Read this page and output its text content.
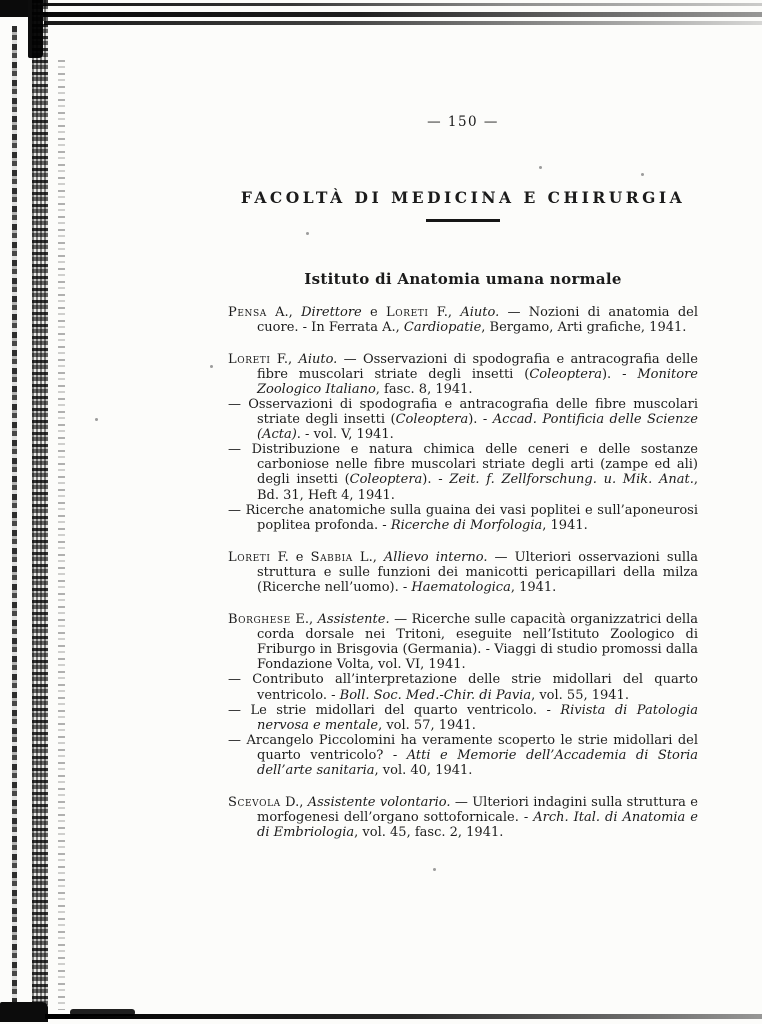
— 150 —
FACOLTÀ DI MEDICINA E CHIRURGIA
Istituto di Anatomia umana normale

Pensa A., Direttore e Loreti F., Aiuto. — Nozioni di anatomia del cuore. - In Ferrata A., Cardiopatie, Bergamo, Arti grafiche, 1941.

Loreti F., Aiuto. — Osservazioni di spodografia e antracografia delle fibre muscolari striate degli insetti (Coleoptera). - Monitore Zoologico Italiano, fasc. 8, 1941.

— Osservazioni di spodografia e antracografia delle fibre muscolari striate degli insetti (Coleoptera). - Accad. Pontificia delle Scienze (Acta). - vol. V, 1941.

— Distribuzione e natura chimica delle ceneri e delle sostanze carboniose nelle fibre muscolari striate degli arti (zampe ed ali) degli insetti (Coleoptera). - Zeit. f. Zellforschung. u. Mik. Anat., Bd. 31, Heft 4, 1941.

— Ricerche anatomiche sulla guaina dei vasi poplitei e sull’aponeurosi poplitea profonda. - Ricerche di Morfologia, 1941.

Loreti F. e Sabbia L., Allievo interno. — Ulteriori osservazioni sulla struttura e sulle funzioni dei manicotti pericapillari della milza (Ricerche nell’uomo). - Haematologica, 1941.

Borghese E., Assistente. — Ricerche sulle capacità organizzatrici della corda dorsale nei Tritoni, eseguite nell’Istituto Zoologico di Friburgo in Brisgovia (Germania). - Viaggi di studio promossi dalla Fondazione Volta, vol. VI, 1941.

— Contributo all’interpretazione delle strie midollari del quarto ventricolo. - Boll. Soc. Med.-Chir. di Pavia, vol. 55, 1941.

— Le strie midollari del quarto ventricolo. - Rivista di Patologia nervosa e mentale, vol. 57, 1941.

— Arcangelo Piccolomini ha veramente scoperto le strie midollari del quarto ventricolo? - Atti e Memorie dell’Accademia di Storia dell’arte sanitaria, vol. 40, 1941.

Scevola D., Assistente volontario. — Ulteriori indagini sulla struttura e morfogenesi dell’organo sottofornicale. - Arch. Ital. di Anatomia e di Embriologia, vol. 45, fasc. 2, 1941.
